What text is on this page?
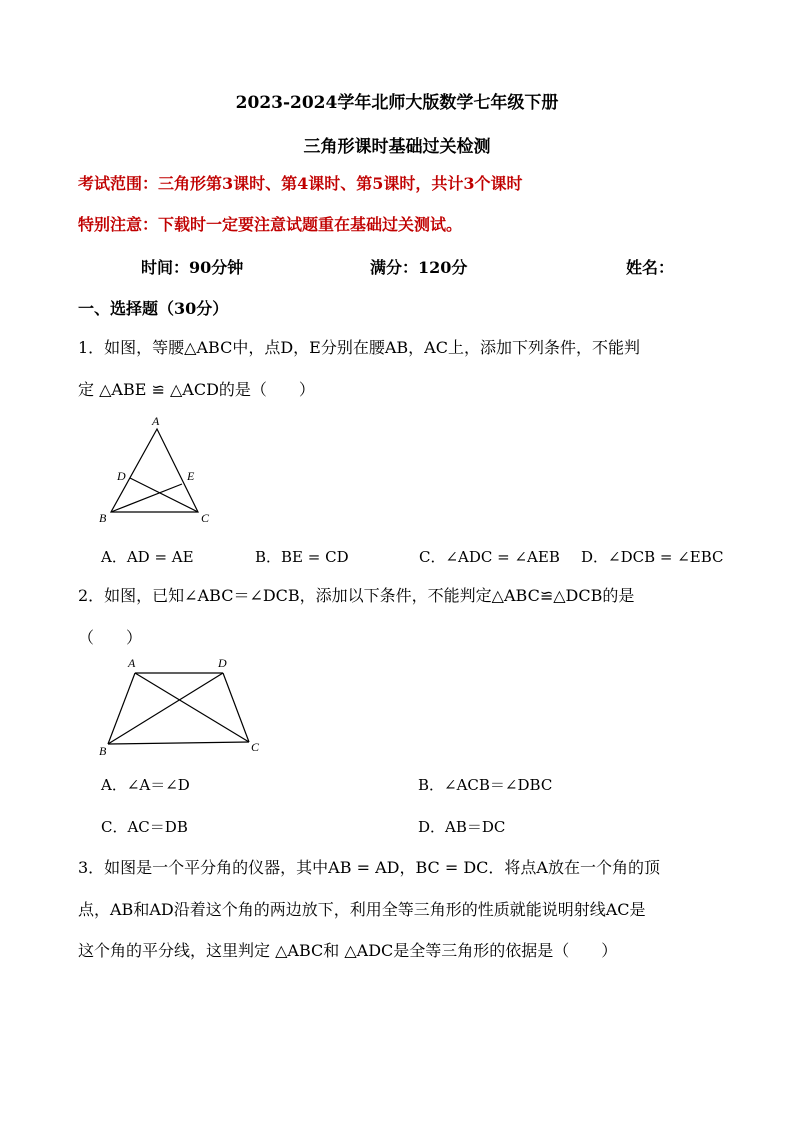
2023-2024学年北师大版数学七年级下册
三角形课时基础过关检测
考试范围：三角形第3课时、第4课时、第5课时，共计3个课时
特别注意：下载时一定要注意试题重在基础过关测试。
时间：90分钟	满分：120分	姓名：
一、选择题（30分）
1．如图，等腰△ABC中，点D，E分别在腰AB，AC上，添加下列条件，不能判
定 △ABE ≌ △ACD的是（　　）
A
D	E
B	C
A．AD = AE	B．BE = CD	C．∠ADC = ∠AEB D．∠DCB = ∠EBC
2．如图，已知∠ABC＝∠DCB，添加以下条件，不能判定△ABC≌△DCB的是
（　　）
A	D
B	C
A．∠A＝∠D	B．∠ACB＝∠DBC
C．AC＝DB	D．AB＝DC
3．如图是一个平分角的仪器，其中AB = AD，BC = DC．将点A放在一个角的顶
点，AB和AD沿着这个角的两边放下，利用全等三角形的性质就能说明射线AC是
这个角的平分线，这里判定 △ABC和 △ADC是全等三角形的依据是（　　）
